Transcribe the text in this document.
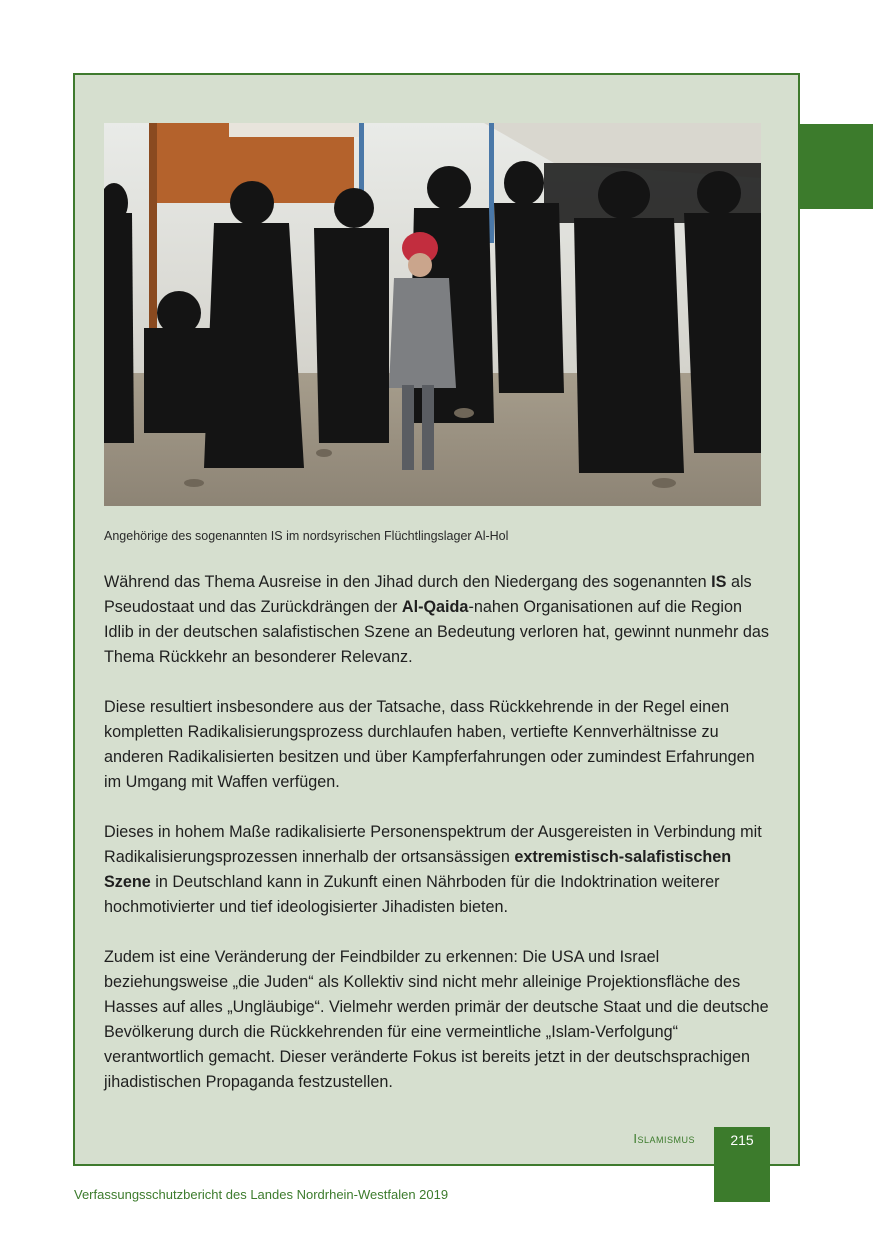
Angehörige des sogenannten IS im nordsyrischen Flüchtlingslager Al-Hol

Während das Thema Ausreise in den Jihad durch den Niedergang des sogenannten IS als Pseudostaat und das Zurückdrängen der Al-Qaida-nahen Organisationen auf die Region Idlib in der deutschen salafistischen Szene an Bedeutung verloren hat, gewinnt nunmehr das Thema Rückkehr an besonderer Relevanz.

Diese resultiert insbesondere aus der Tatsache, dass Rückkehrende in der Regel einen kompletten Radikalisierungsprozess durchlaufen haben, vertiefte Kennverhältnisse zu anderen Radikalisierten besitzen und über Kampferfahrungen oder zumindest Erfahrungen im Umgang mit Waffen verfügen.

Dieses in hohem Maße radikalisierte Personenspektrum der Ausgereisten in Verbindung mit Radikalisierungsprozessen innerhalb der ortsansässigen extremistisch-salafistischen Szene in Deutschland kann in Zukunft einen Nährboden für die Indoktrination weiterer hochmotivierter und tief ideologisierter Jihadisten bieten.

Zudem ist eine Veränderung der Feindbilder zu erkennen: Die USA und Israel beziehungsweise „die Juden“ als Kollektiv sind nicht mehr alleinige Projektionsfläche des Hasses auf alles „Ungläubige“. Vielmehr werden primär der deutsche Staat und die deutsche Bevölkerung durch die Rückkehrenden für eine vermeintliche „Islam-Verfolgung“ verantwortlich gemacht. Dieser veränderte Fokus ist bereits jetzt in der deutschsprachigen jihadistischen Propaganda festzustellen.

Islamismus	215
Verfassungsschutzbericht des Landes Nordrhein-Westfalen 2019
